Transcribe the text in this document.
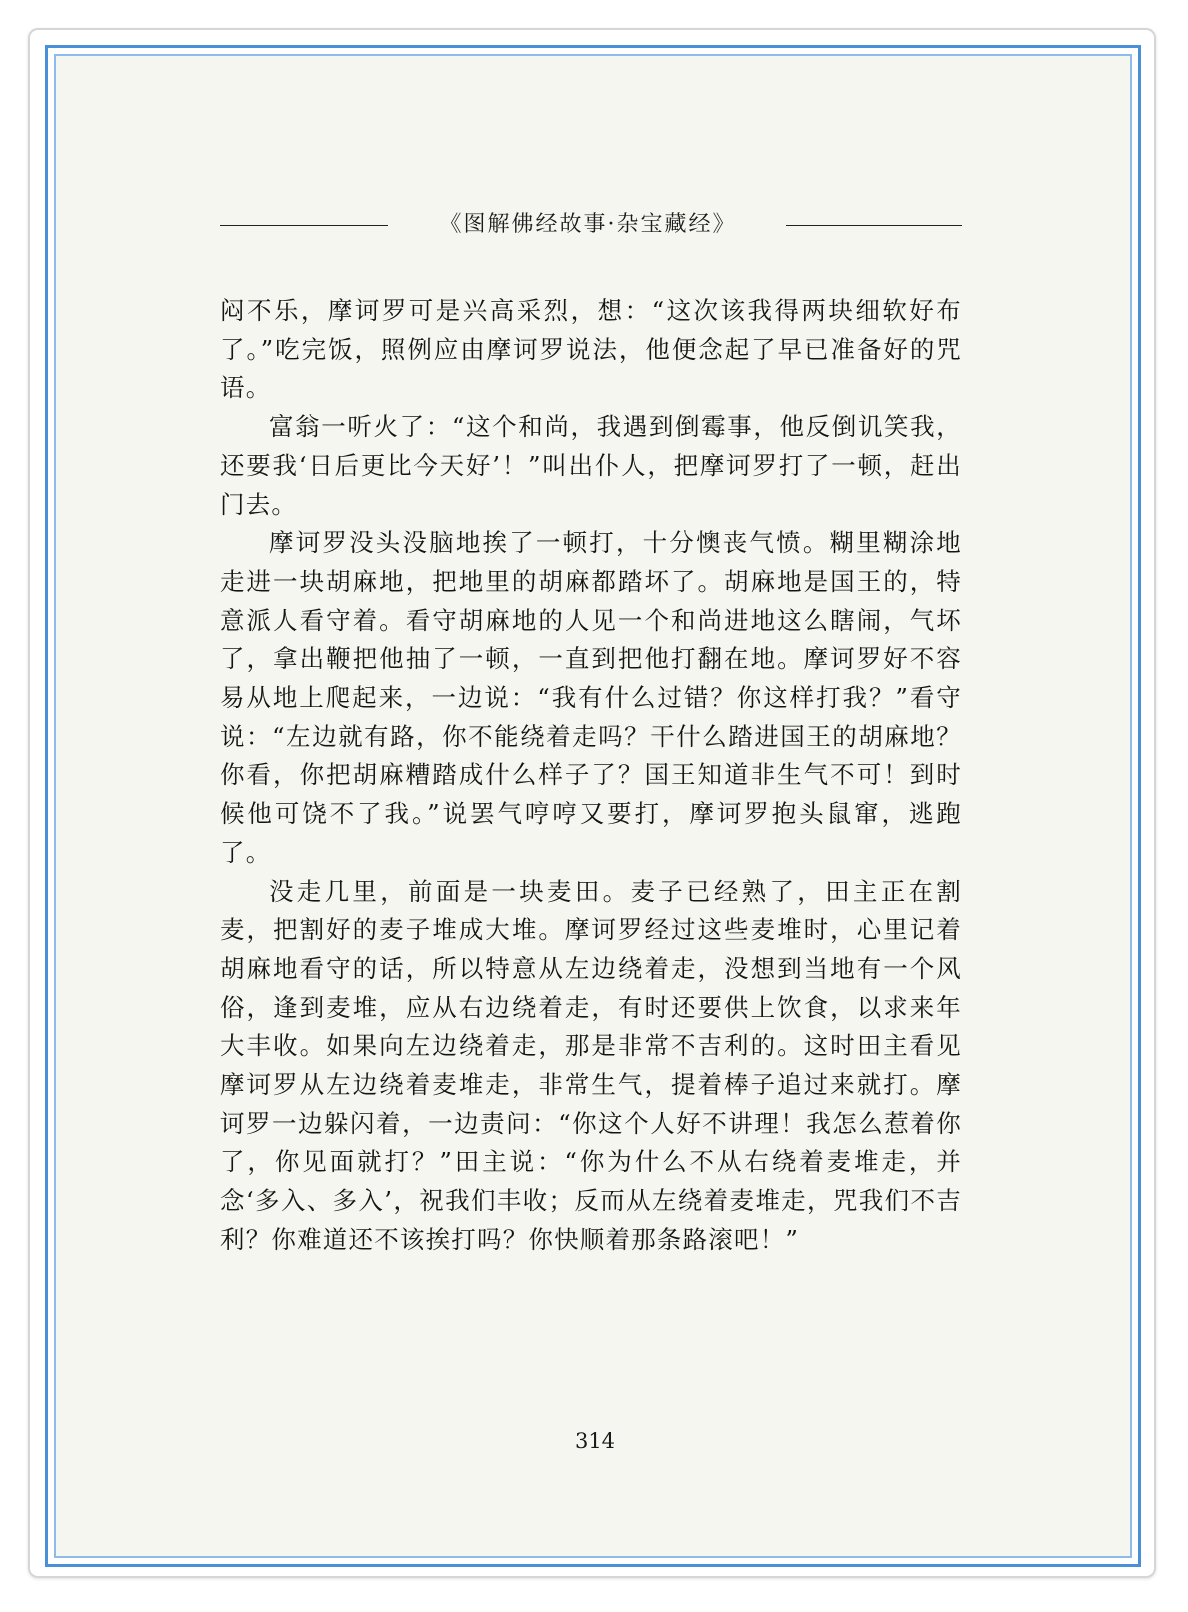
《图解佛经故事·杂宝藏经》

闷不乐，摩诃罗可是兴高采烈，想：“这次该我得两块细软好布了。”吃完饭，照例应由摩诃罗说法，他便念起了早已准备好的咒语。

富翁一听火了：“这个和尚，我遇到倒霉事，他反倒讥笑我，还要我‘日后更比今天好’！”叫出仆人，把摩诃罗打了一顿，赶出门去。

摩诃罗没头没脑地挨了一顿打，十分懊丧气愤。糊里糊涂地走进一块胡麻地，把地里的胡麻都踏坏了。胡麻地是国王的，特意派人看守着。看守胡麻地的人见一个和尚进地这么瞎闹，气坏了，拿出鞭把他抽了一顿，一直到把他打翻在地。摩诃罗好不容易从地上爬起来，一边说：“我有什么过错？你这样打我？”看守说：“左边就有路，你不能绕着走吗？干什么踏进国王的胡麻地？你看，你把胡麻糟踏成什么样子了？国王知道非生气不可！到时候他可饶不了我。”说罢气哼哼又要打，摩诃罗抱头鼠窜，逃跑了。

没走几里，前面是一块麦田。麦子已经熟了，田主正在割麦，把割好的麦子堆成大堆。摩诃罗经过这些麦堆时，心里记着胡麻地看守的话，所以特意从左边绕着走，没想到当地有一个风俗，逢到麦堆，应从右边绕着走，有时还要供上饮食，以求来年大丰收。如果向左边绕着走，那是非常不吉利的。这时田主看见摩诃罗从左边绕着麦堆走，非常生气，提着棒子追过来就打。摩诃罗一边躲闪着，一边责问：“你这个人好不讲理！我怎么惹着你了，你见面就打？”田主说：“你为什么不从右绕着麦堆走，并念‘多入、多入’，祝我们丰收；反而从左绕着麦堆走，咒我们不吉利？你难道还不该挨打吗？你快顺着那条路滚吧！”

314
